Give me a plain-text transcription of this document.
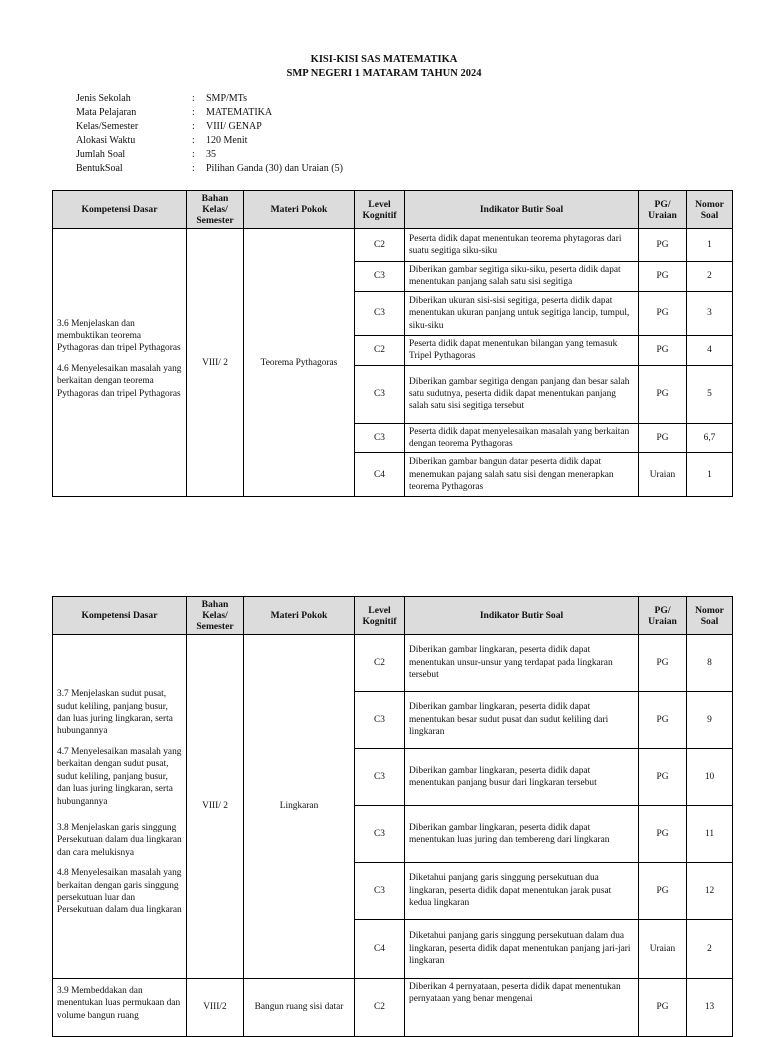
KISI-KISI SAS MATEMATIKA
SMP NEGERI 1 MATARAM TAHUN 2024
Jenis Sekolah	:	SMP/MTs
Mata Pelajaran	:	MATEMATIKA
Kelas/Semester	:	VIII/ GENAP
Alokasi Waktu	:	120 Menit
Jumlah Soal	:	35
BentukSoal	:	Pilihan Ganda (30) dan Uraian (5)
Kompetensi Dasar	Bahan Kelas/ Semester	Materi Pokok	Level Kognitif	Indikator Butir Soal	PG/ Uraian	Nomor Soal

3.6 Menjelaskan dan membuktikan teorema Pythagoras dan tripel Pythagoras

4.6 Menyelesaikan masalah yang berkaitan dengan teorema Pythagoras dan tripel Pythagoras	VIII/ 2	Teorema Pythagoras	C2	Peserta didik dapat menentukan teorema phytagoras dari suatu segitiga siku-siku	PG	1
			C3	Diberikan gambar segitiga siku-siku, peserta didik dapat menentukan panjang salah satu sisi segitiga	PG	2
			C3	Diberikan ukuran sisi-sisi segitiga, peserta didik dapat menentukan ukuran panjang untuk segitiga lancip, tumpul, siku-siku	PG	3
			C2	Peserta didik dapat menentukan bilangan yang temasuk Tripel Pythagoras	PG	4
			C3	Diberikan gambar segitiga dengan panjang dan besar salah satu sudutnya, peserta didik dapat menentukan panjang salah satu sisi segitiga tersebut	PG	5
			C3	Peserta didik dapat menyelesaikan masalah yang berkaitan dengan teorema Pythagoras	PG	6,7
			C4	Diberikan gambar bangun datar peserta didik dapat menemukan pajang salah satu sisi dengan menerapkan teorema Pythagoras	Uraian	1
Kompetensi Dasar	Bahan Kelas/ Semester	Materi Pokok	Level Kognitif	Indikator Butir Soal	PG/ Uraian	Nomor Soal

3.7 Menjelaskan sudut pusat, sudut keliling, panjang busur, dan luas juring lingkaran, serta hubungannya

4.7 Menyelesaikan masalah yang berkaitan dengan sudut pusat, sudut keliling, panjang busur, dan luas juring lingkaran, serta hubungannya

3.8 Menjelaskan garis singgung Persekutuan dalam dua lingkaran dan cara melukisnya

4.8 Menyelesaikan masalah yang berkaitan dengan garis singgung persekutuan luar dan Persekutuan dalam dua lingkaran	VIII/ 2	Lingkaran	C2	Diberikan gambar lingkaran, peserta didik dapat menentukan unsur-unsur yang terdapat pada lingkaran tersebut	PG	8
			C3	Diberikan gambar lingkaran, peserta didik dapat menentukan besar sudut pusat dan sudut keliling dari lingkaran	PG	9
			C3	Diberikan gambar lingkaran, peserta didik dapat menentukan panjang busur dari lingkaran tersebut	PG	10
			C3	Diberikan gambar lingkaran, peserta didik dapat menentukan luas juring dan tembereng dari lingkaran	PG	11
			C3	Diketahui panjang garis singgung persekutuan dua lingkaran, peserta didik dapat menentukan jarak pusat kedua lingkaran	PG	12
			C4	Diketahui panjang garis singgung persekutuan dalam dua lingkaran, peserta didik dapat menentukan panjang jari-jari lingkaran	Uraian	2

3.9 Membeddakan dan menentukan luas permukaan dan volume bangun ruang	VIII/2	Bangun ruang sisi datar	C2	Diberikan 4 pernyataan, peserta didik dapat menentukan pernyataan yang benar mengenai	PG	13
